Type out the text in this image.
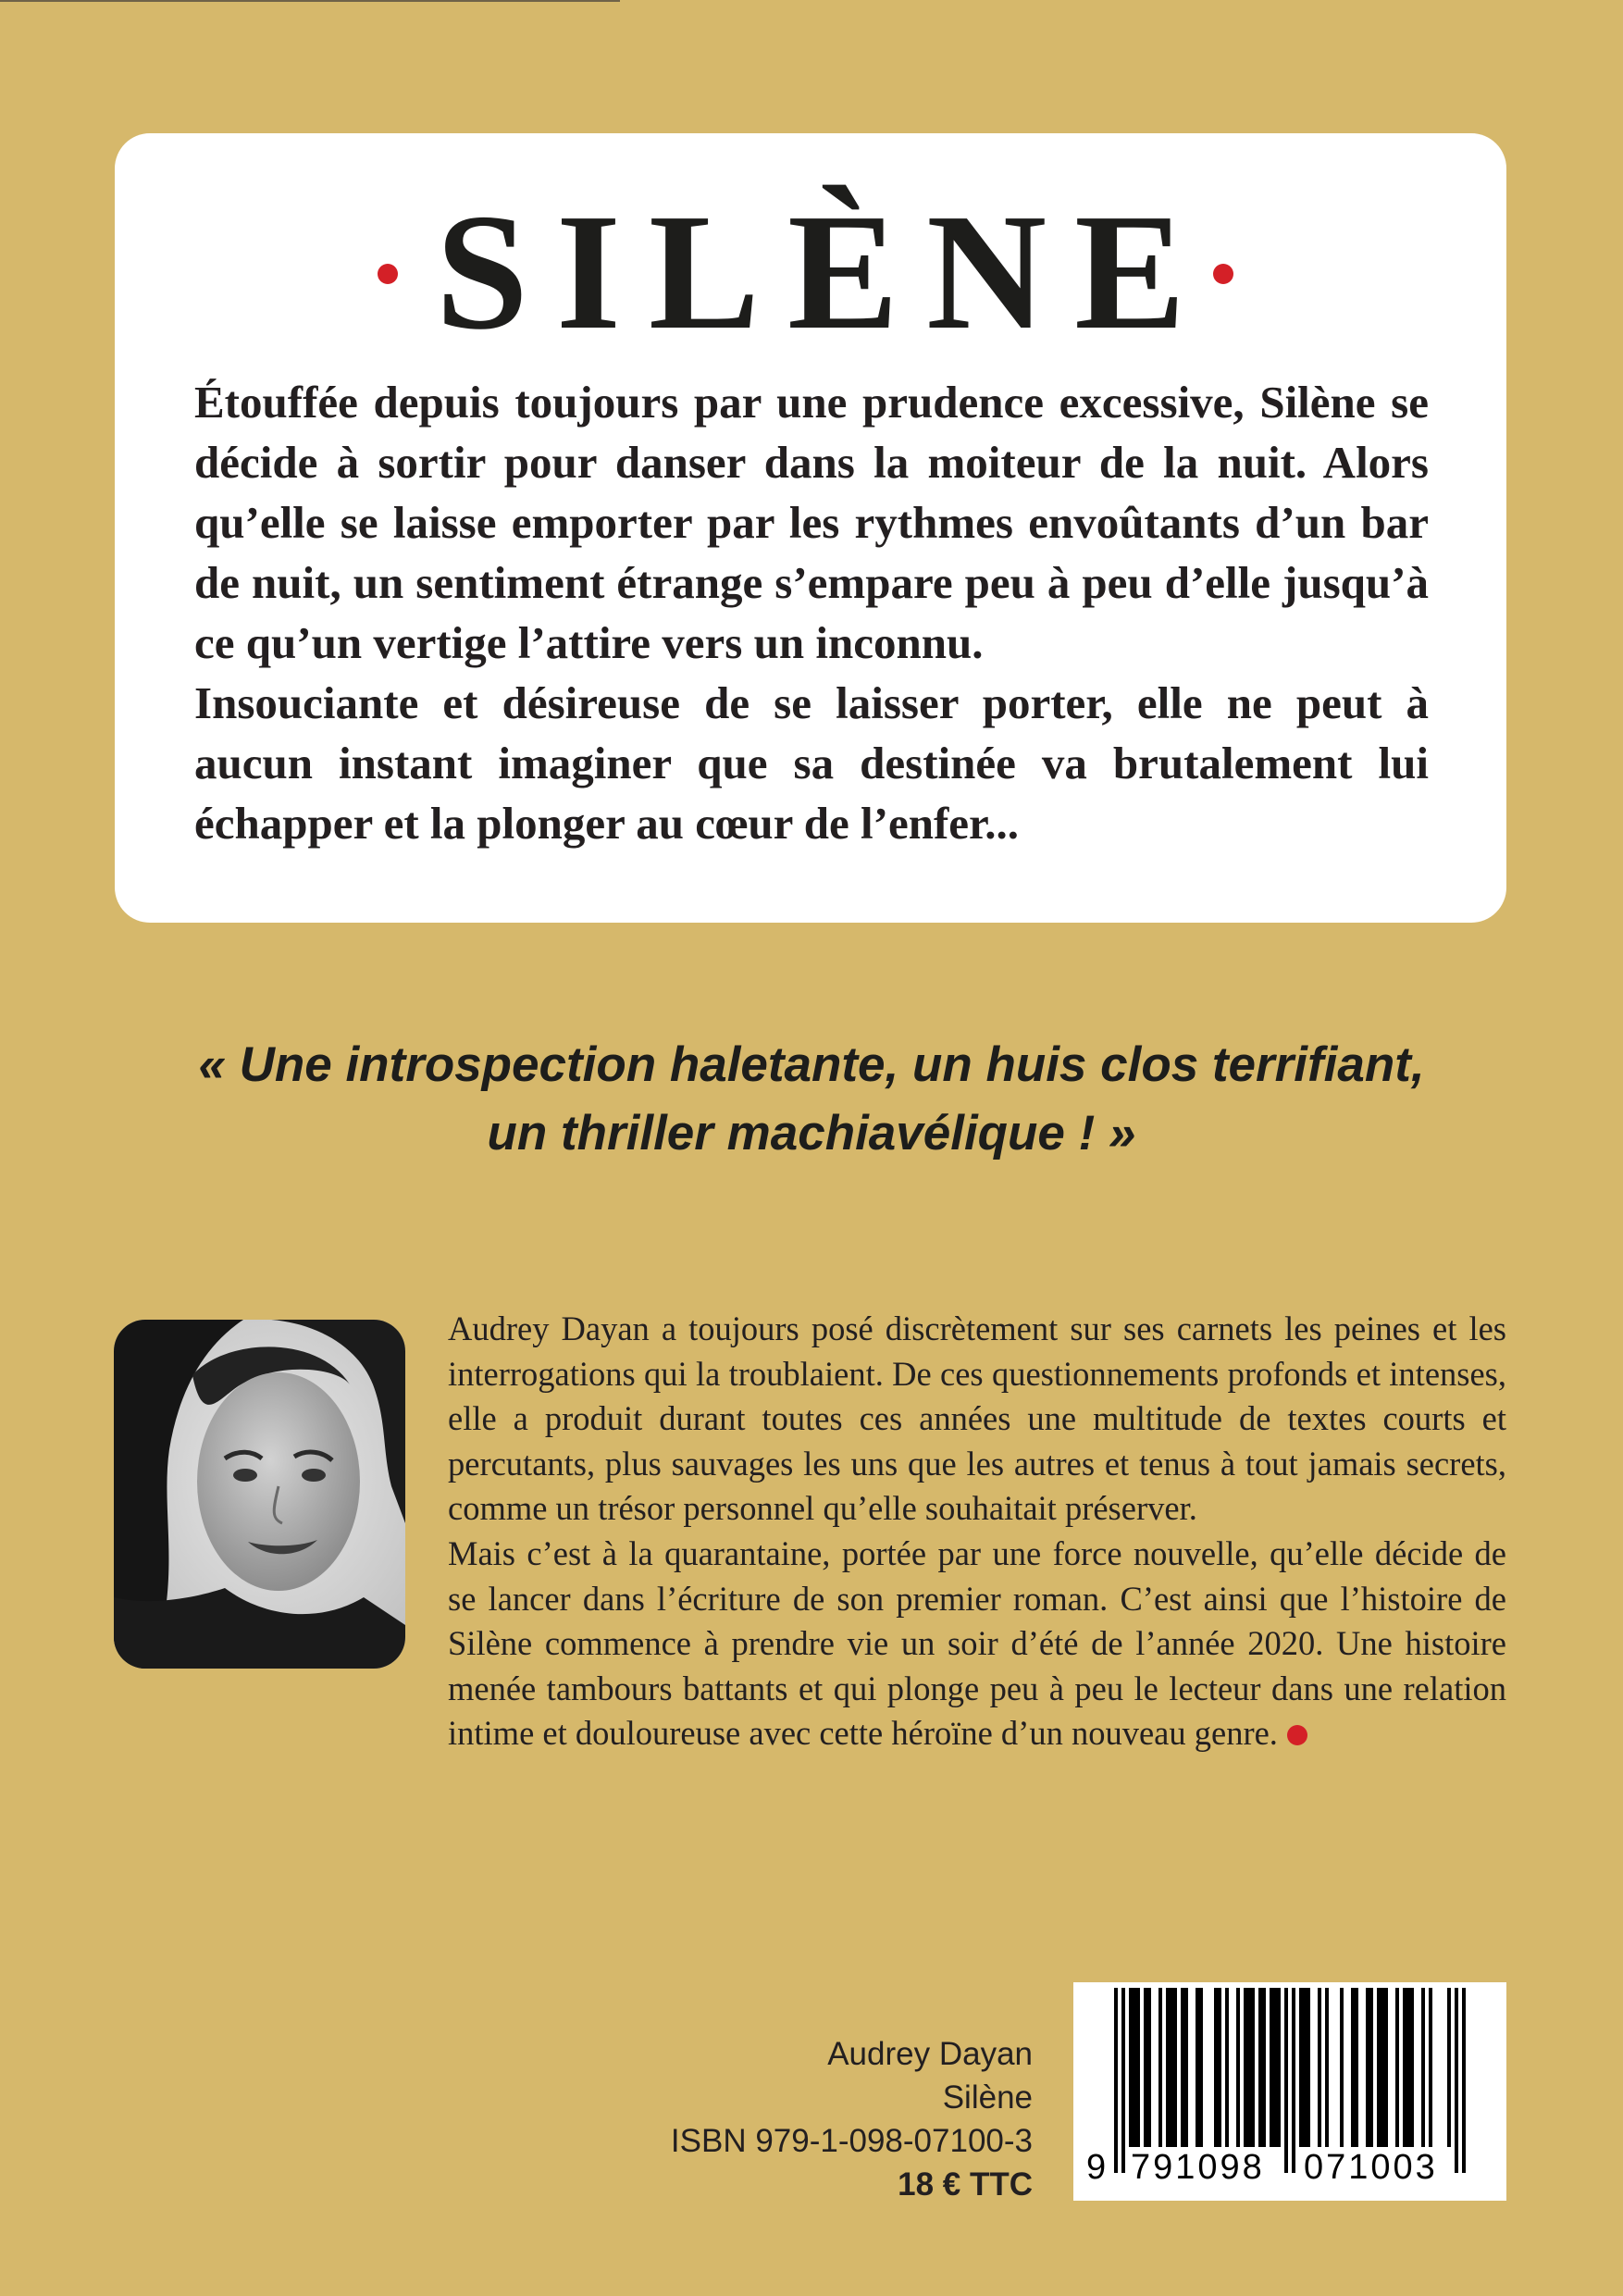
SILÈNE

Étouffée depuis toujours par une prudence excessive, Silène se décide à sortir pour danser dans la moiteur de la nuit. Alors qu’elle se laisse emporter par les rythmes envoûtants d’un bar de nuit, un sentiment étrange s’empare peu à peu d’elle jusqu’à ce qu’un vertige l’attire vers un inconnu.

Insouciante et désireuse de se laisser porter, elle ne peut à aucun instant imaginer que sa destinée va brutalement lui échapper et la plonger au cœur de l’enfer...

« Une introspection haletante, un huis clos terrifiant,
un thriller machiavélique ! »

Audrey Dayan a toujours posé discrètement sur ses carnets les peines et les interrogations qui la troublaient. De ces questionnements profonds et intenses, elle a produit durant toutes ces années une multitude de textes courts et percutants, plus sauvages les uns que les autres et tenus à tout jamais secrets, comme un trésor personnel qu’elle souhaitait préserver.

Mais c’est à la quarantaine, portée par une force nouvelle, qu’elle décide de se lancer dans l’écriture de son premier roman. C’est ainsi que l’histoire de Silène commence à prendre vie un soir d’été de l’année 2020. Une histoire menée tambours battants et qui plonge peu à peu le lecteur dans une relation intime et douloureuse avec cette héroïne d’un nouveau genre.

Audrey Dayan
Silène
ISBN 979-1-098-07100-3
18 € TTC 9 791098 071003
